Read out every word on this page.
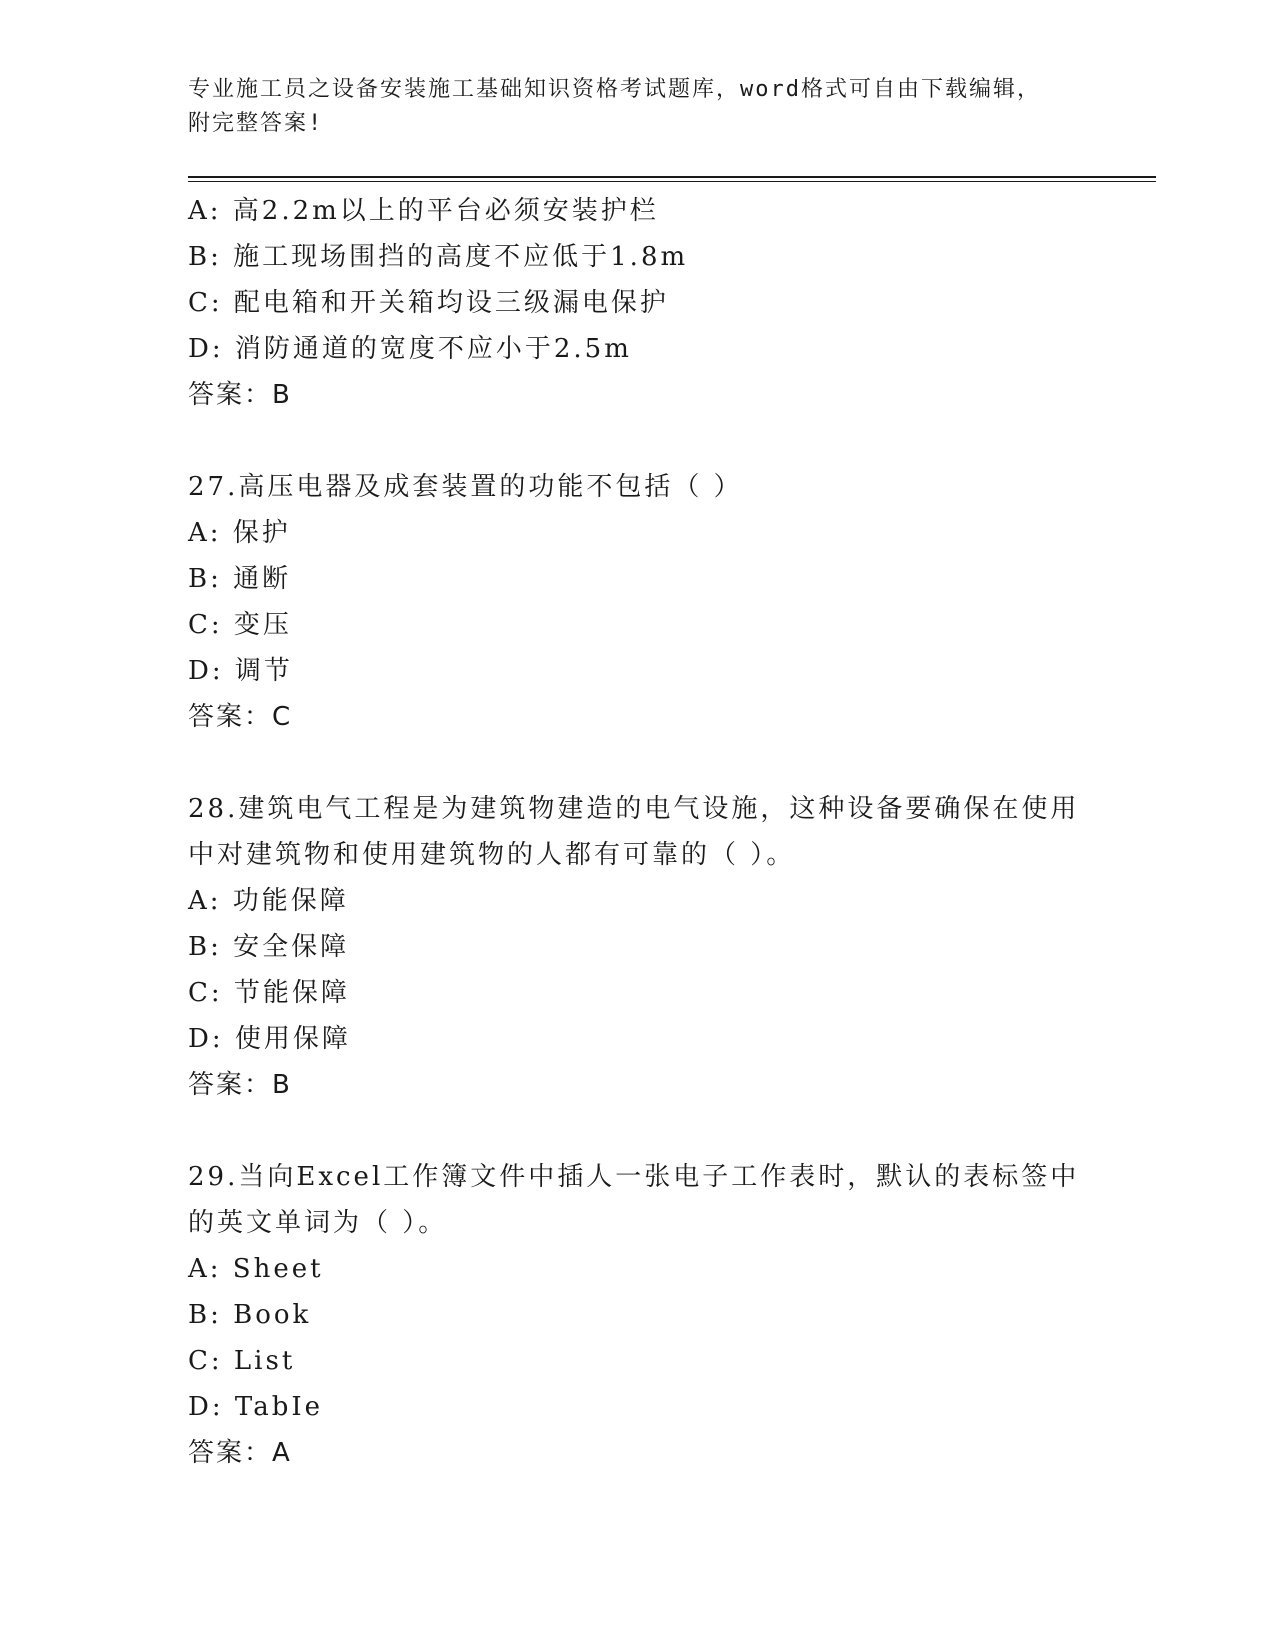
专业施工员之设备安装施工基础知识资格考试题库，word格式可自由下载编辑，
附完整答案!
A: 高2.2m以上的平台必须安装护栏
B: 施工现场围挡的高度不应低于1.8m
C: 配电箱和开关箱均设三级漏电保护
D: 消防通道的宽度不应小于2.5m
答案：B
27.高压电器及成套装置的功能不包括（ ）
A: 保护
B: 通断
C: 变压
D: 调节
答案：C
28.建筑电气工程是为建筑物建造的电气设施，这种设备要确保在使用
中对建筑物和使用建筑物的人都有可靠的（ ）。
A: 功能保障
B: 安全保障
C: 节能保障
D: 使用保障
答案：B
29.当向Excel工作簿文件中插人一张电子工作表时，默认的表标签中
的英文单词为（ ）。
A: Sheet
B: Book
C: List
D: TabIe
答案：A
